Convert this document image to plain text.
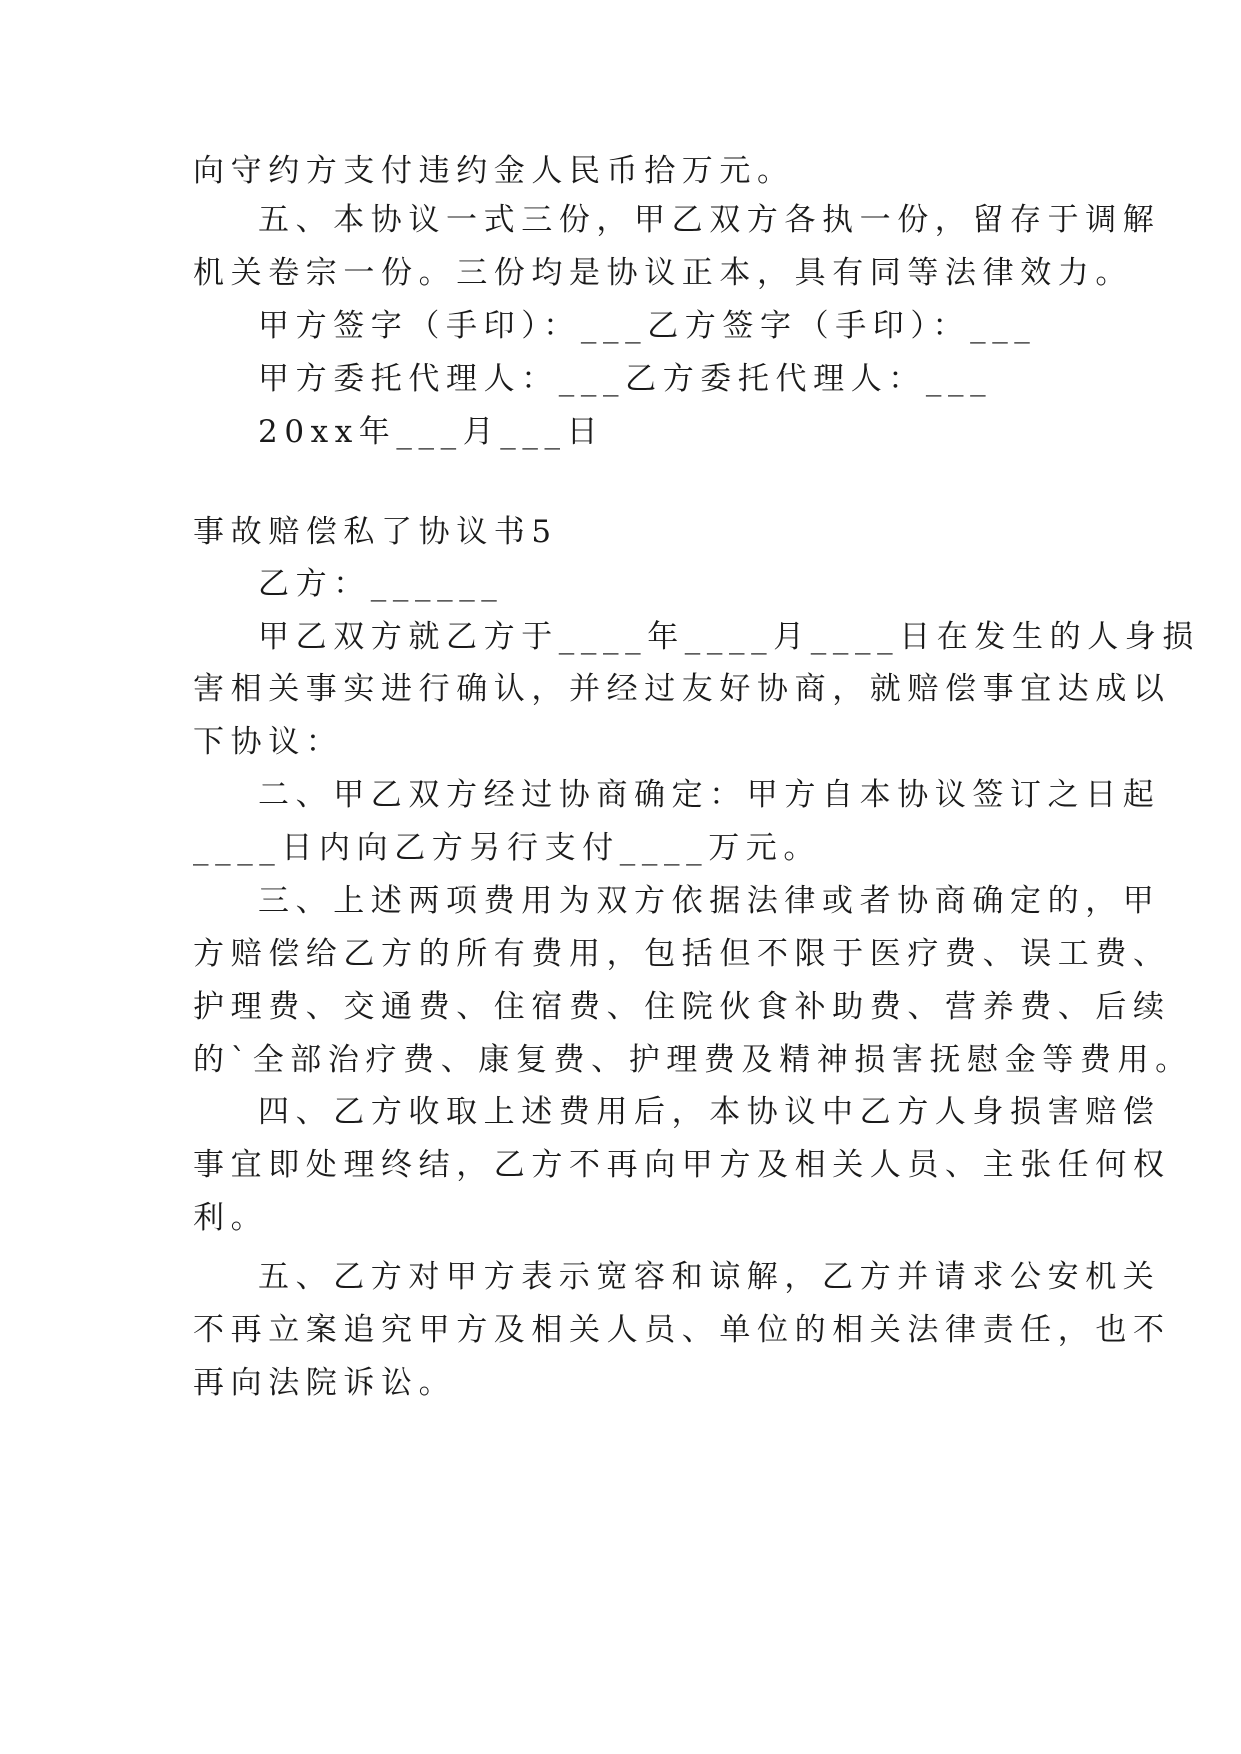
向守约方支付违约金人民币拾万元。
五、本协议一式三份，甲乙双方各执一份，留存于调解
机关卷宗一份。三份均是协议正本，具有同等法律效力。
甲方签字（手印）：___乙方签字（手印）：___
甲方委托代理人：___乙方委托代理人：___
20xx年___月___日
事故赔偿私了协议书5
乙方：______
甲乙双方就乙方于____年____月____日在发生的人身损
害相关事实进行确认，并经过友好协商，就赔偿事宜达成以
下协议：
二、甲乙双方经过协商确定：甲方自本协议签订之日起
____日内向乙方另行支付____万元。
三、上述两项费用为双方依据法律或者协商确定的，甲
方赔偿给乙方的所有费用，包括但不限于医疗费、误工费、
护理费、交通费、住宿费、住院伙食补助费、营养费、后续
的`全部治疗费、康复费、护理费及精神损害抚慰金等费用。
四、乙方收取上述费用后，本协议中乙方人身损害赔偿
事宜即处理终结，乙方不再向甲方及相关人员、主张任何权
利。
五、乙方对甲方表示宽容和谅解，乙方并请求公安机关
不再立案追究甲方及相关人员、单位的相关法律责任，也不
再向法院诉讼。
